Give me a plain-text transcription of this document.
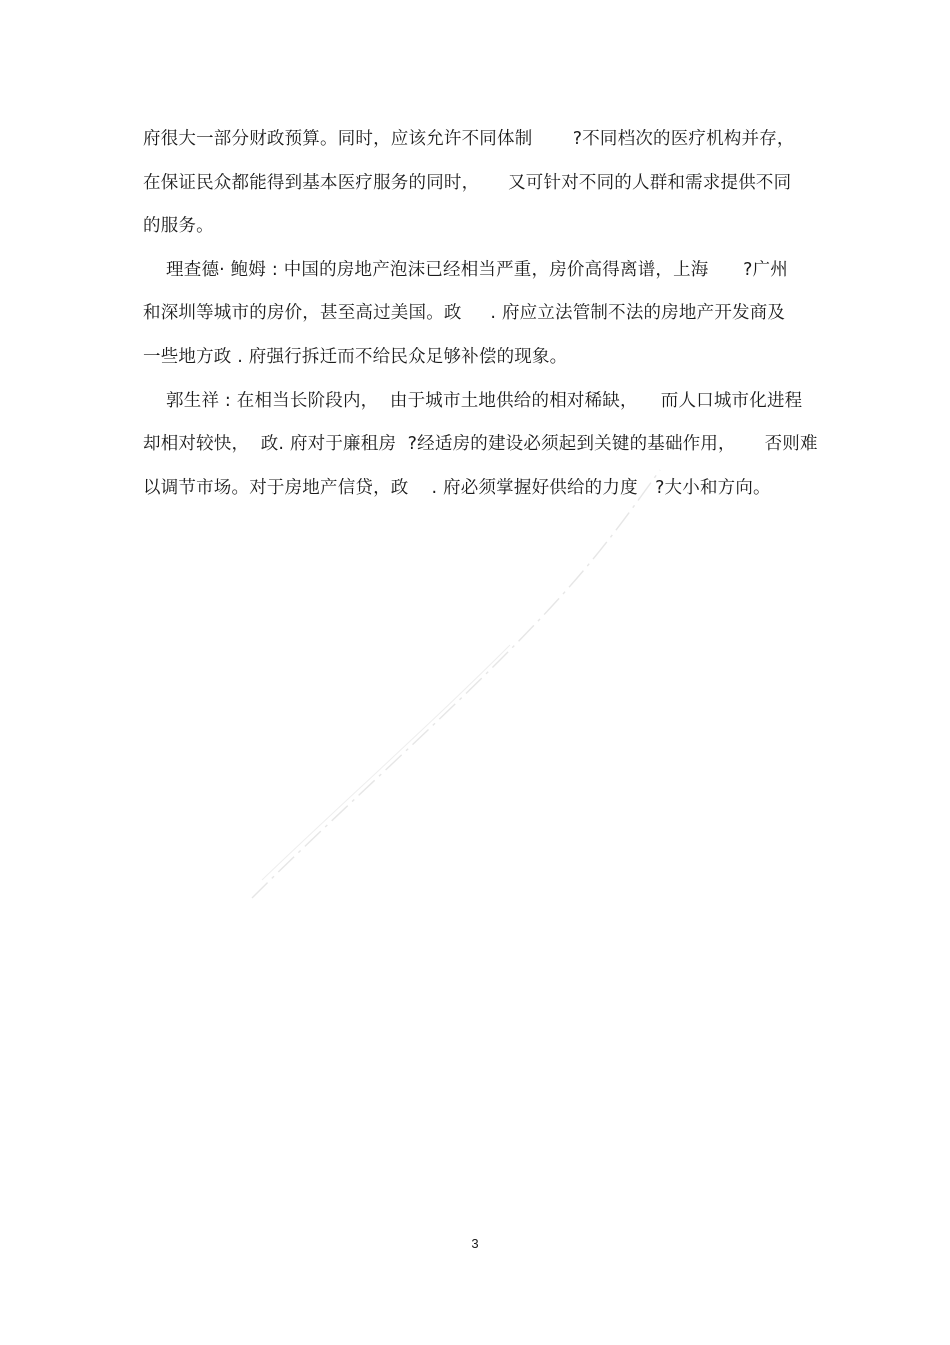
府很大一部分财政预算。同时，应该允许不同体制       ?不同档次的医疗机构并存，
在保证民众都能得到基本医疗服务的同时，     又可针对不同的人群和需求提供不同
的服务。
理查德· 鲍姆 : 中国的房地产泡沫已经相当严重，房价高得离谱，上海      ?广州
和深圳等城市的房价，甚至高过美国。政     . 府应立法管制不法的房地产开发商及
一些地方政 . 府强行拆迁而不给民众足够补偿的现象。
郭生祥 : 在相当长阶段内，  由于城市土地供给的相对稀缺，    而人口城市化进程
却相对较快，  政. 府对于廉租房  ?经适房的建设必须起到关键的基础作用，     否则难
以调节市场。对于房地产信贷，政    . 府必须掌握好供给的力度   ?大小和方向。
3
